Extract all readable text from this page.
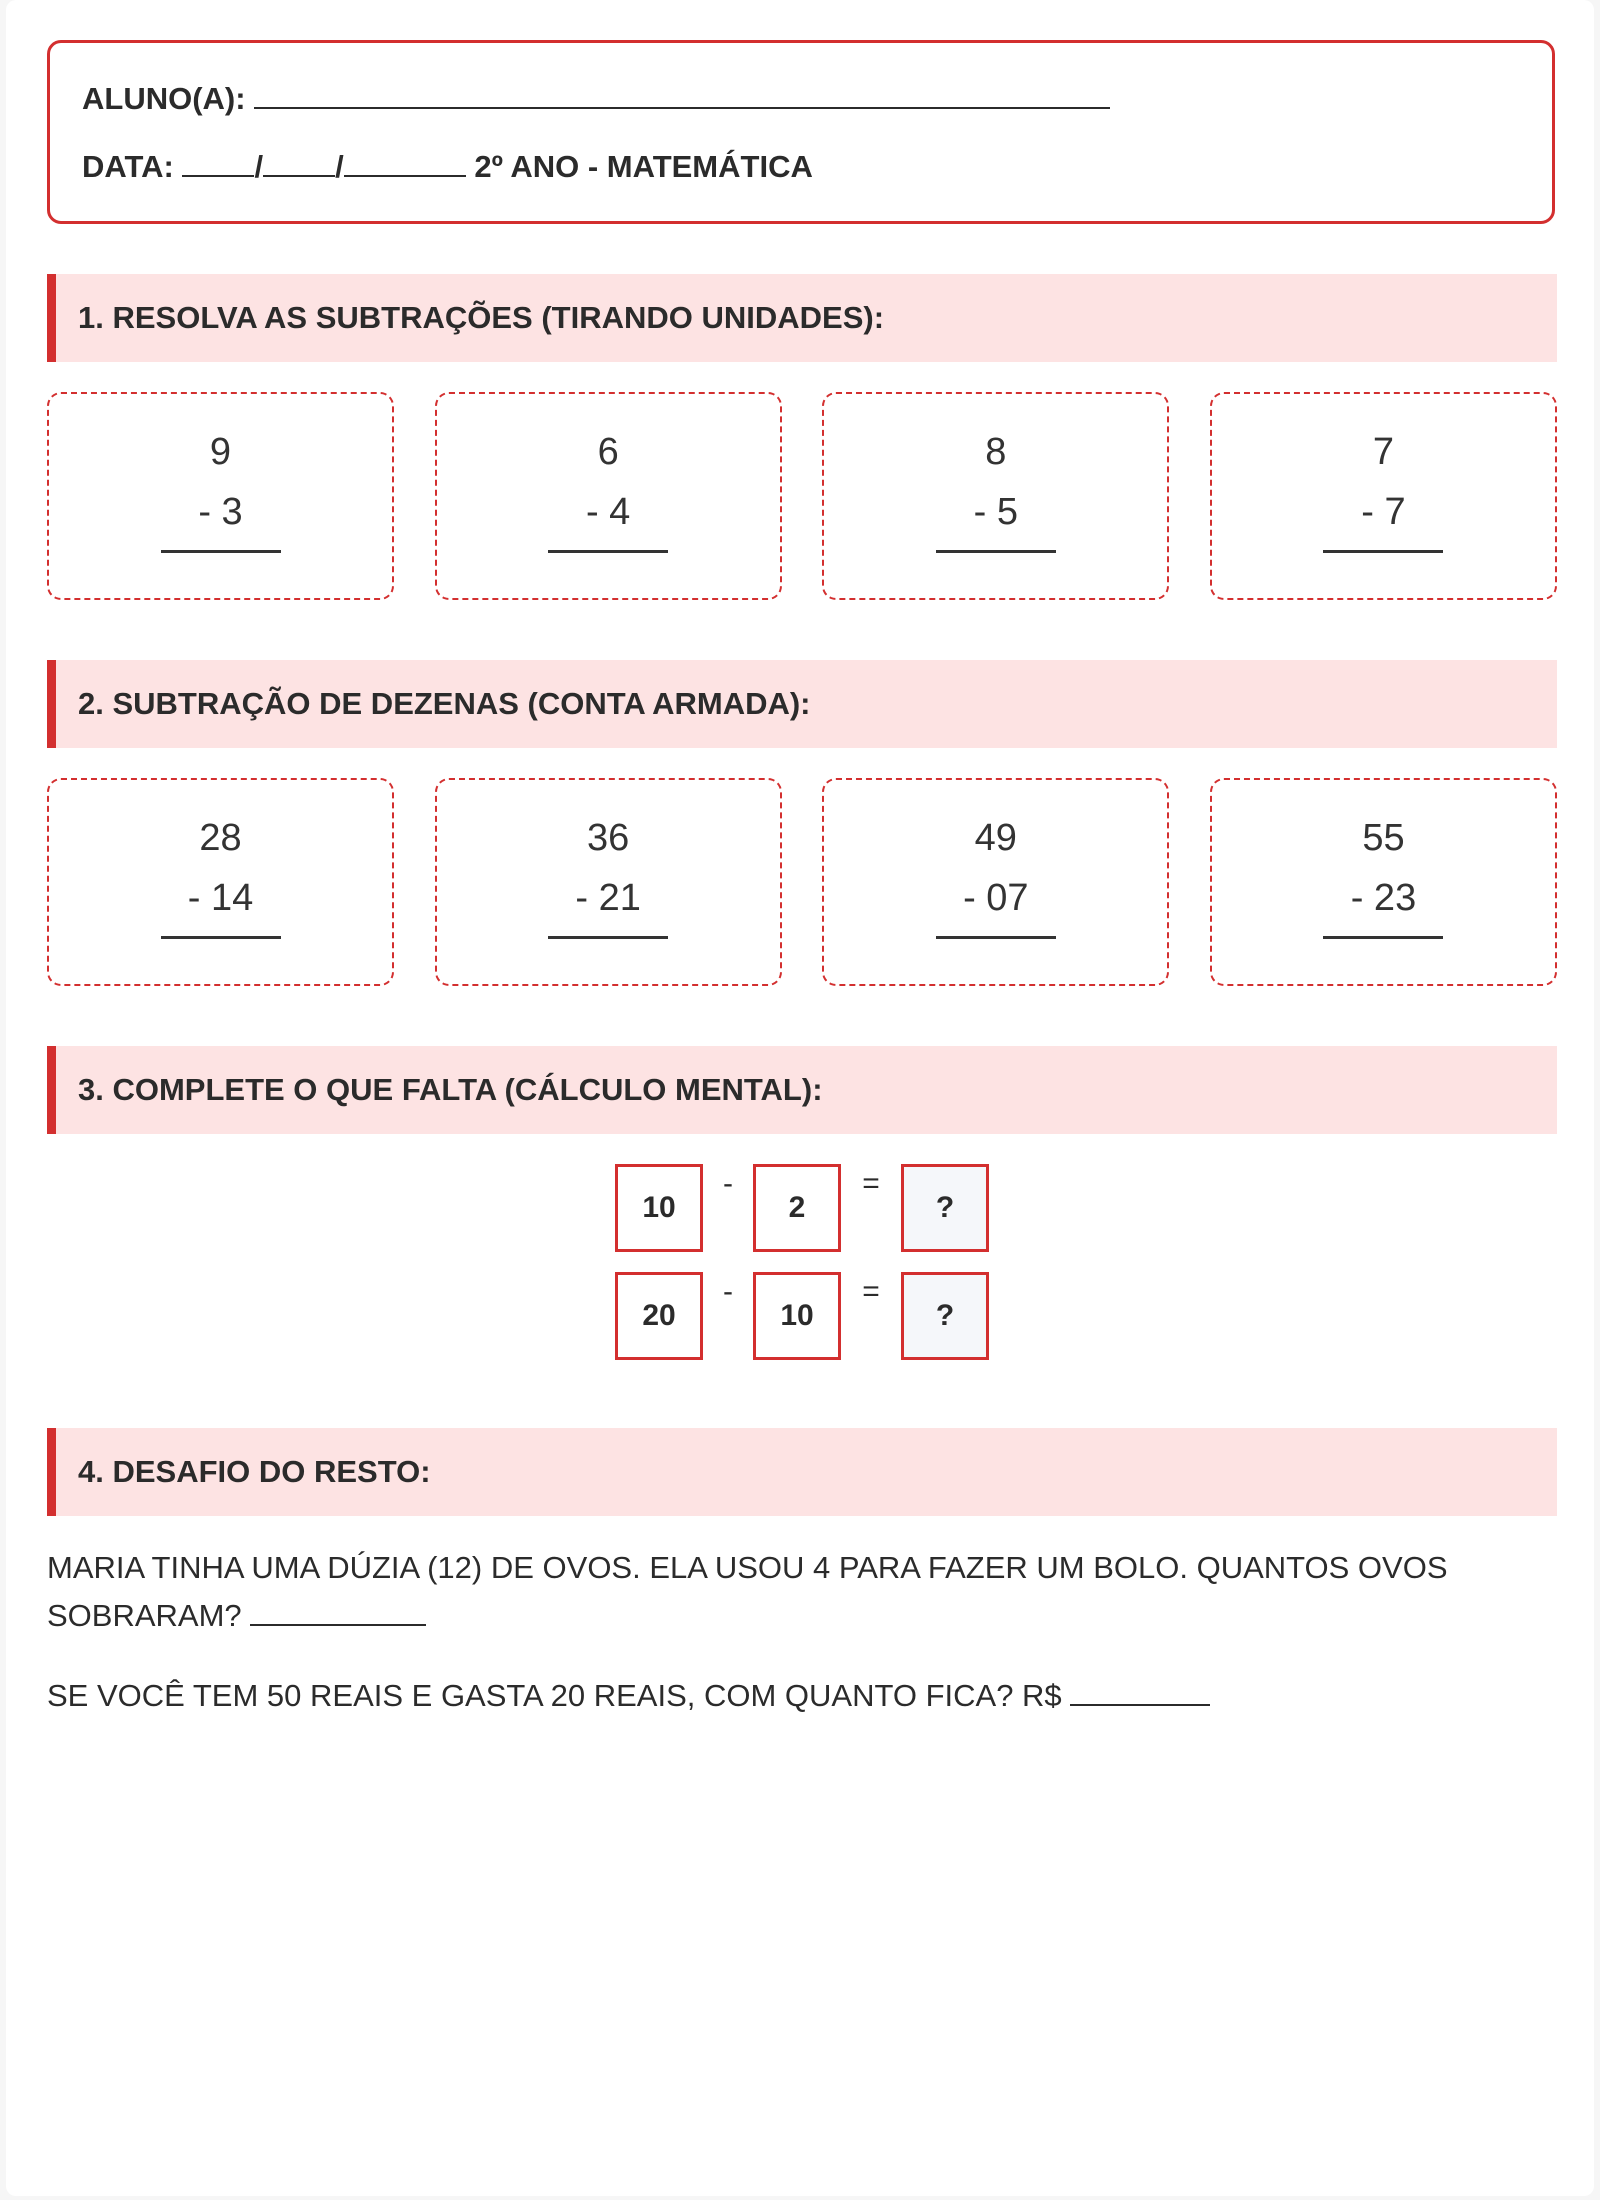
ALUNO(A):
DATA:	/ /	2º ANO - MATEMÁTICA
1. RESOLVA AS SUBTRAÇÕES (TIRANDO UNIDADES):
9
- 3
6
- 4
8
- 5
7
- 7
2. SUBTRAÇÃO DE DEZENAS (CONTA ARMADA):
28
- 14
36
- 21
49
- 07
55
- 23
3. COMPLETE O QUE FALTA (CÁLCULO MENTAL):
10
-
2
=
?
20
-
10
=
?
4. DESAFIO DO RESTO:
MARIA TINHA UMA DÚZIA (12) DE OVOS. ELA USOU 4 PARA FAZER UM BOLO. QUANTOS OVOS SOBRARAM?
SE VOCÊ TEM 50 REAIS E GASTA 20 REAIS, COM QUANTO FICA? R$
